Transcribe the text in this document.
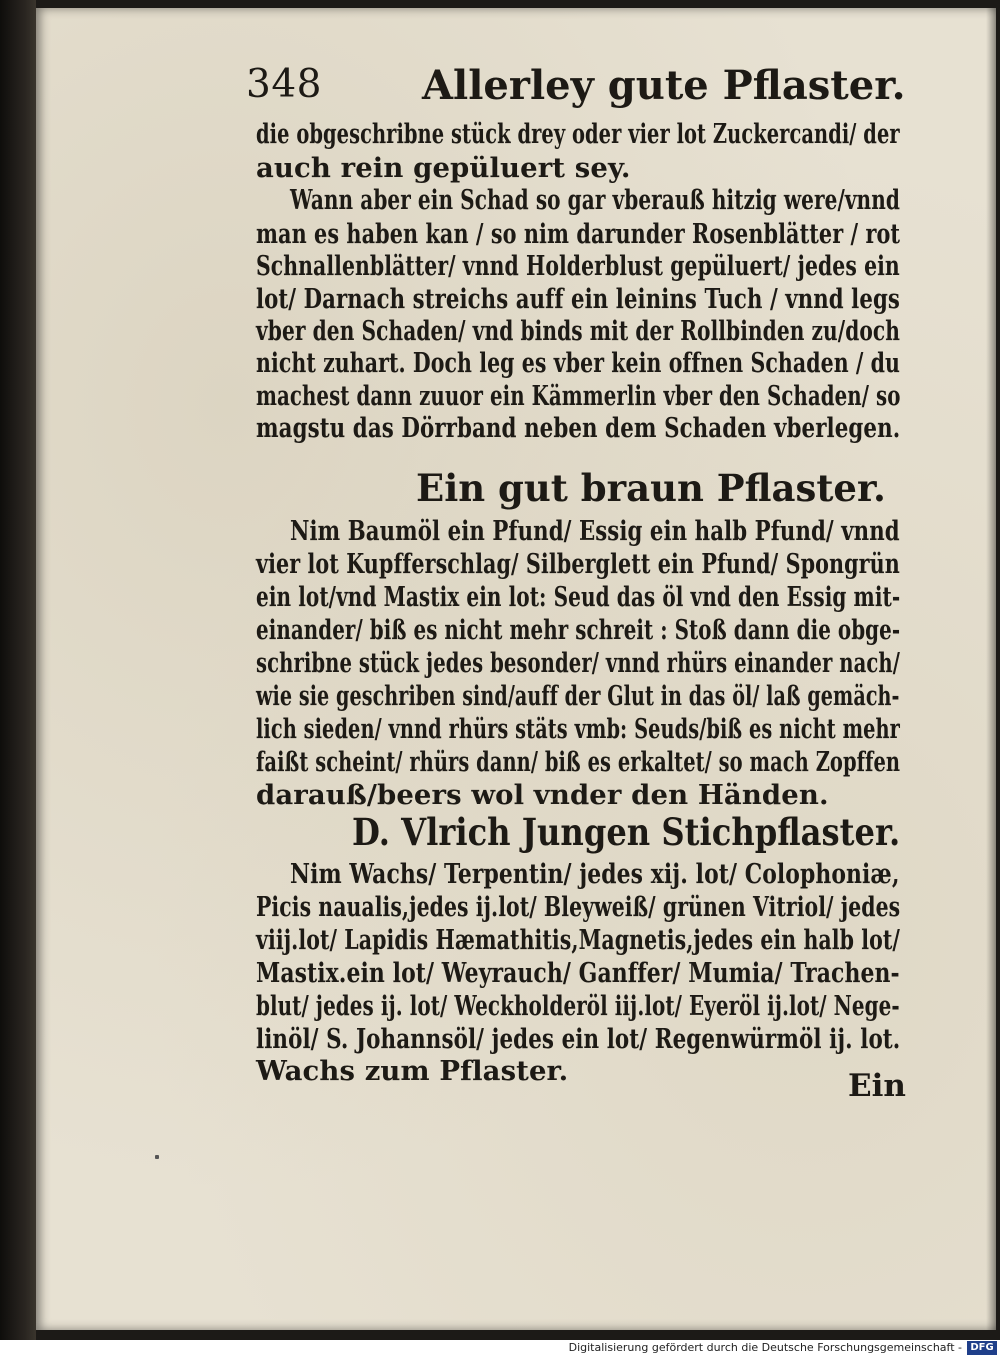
348	Allerley gute Pflaster.
die obgeschribne stück drey oder vier lot Zuckercandi/ der
auch rein gepüluert sey.
Wann aber ein Schad so gar vberauß hitzig were/vnnd
man es haben kan / so nim darunder Rosenblätter / rot
Schnallenblätter/ vnnd Holderblust gepüluert/ jedes ein
lot/ Darnach streichs auff ein leinins Tuch / vnnd legs
vber den Schaden/ vnd binds mit der Rollbinden zu/doch
nicht zuhart. Doch leg es vber kein offnen Schaden / du
machest dann zuuor ein Kämmerlin vber den Schaden/ so
magstu das Dörrband neben dem Schaden vberlegen.
Ein gut braun Pflaster.
Nim Baumöl ein Pfund/ Essig ein halb Pfund/ vnnd
vier lot Kupfferschlag/ Silberglett ein Pfund/ Spongrün
ein lot/vnd Mastix ein lot: Seud das öl vnd den Essig mit-
einander/ biß es nicht mehr schreit : Stoß dann die obge-
schribne stück jedes besonder/ vnnd rhürs einander nach/
wie sie geschriben sind/auff der Glut in das öl/ laß gemäch-
lich sieden/ vnnd rhürs stäts vmb: Seuds/biß es nicht mehr
faißt scheint/ rhürs dann/ biß es erkaltet/ so mach Zopffen
darauß/beers wol vnder den Händen.
D. Vlrich Jungen Stichpflaster.
Nim Wachs/ Terpentin/ jedes xij. lot/ Colophoniæ,
Picis naualis,jedes ij.lot/ Bleyweiß/ grünen Vitriol/ jedes
viij.lot/ Lapidis Hæmathitis,Magnetis,jedes ein halb lot/
Mastix.ein lot/ Weyrauch/ Ganffer/ Mumia/ Trachen-
blut/ jedes ij. lot/ Weckholderöl iij.lot/ Eyeröl ij.lot/ Nege-
linöl/ S. Johannsöl/ jedes ein lot/ Regenwürmöl ij. lot.
Wachs zum Pflaster.	Ein
Digitalisierung gefördert durch die Deutsche Forschungsgemeinschaft - DFG
